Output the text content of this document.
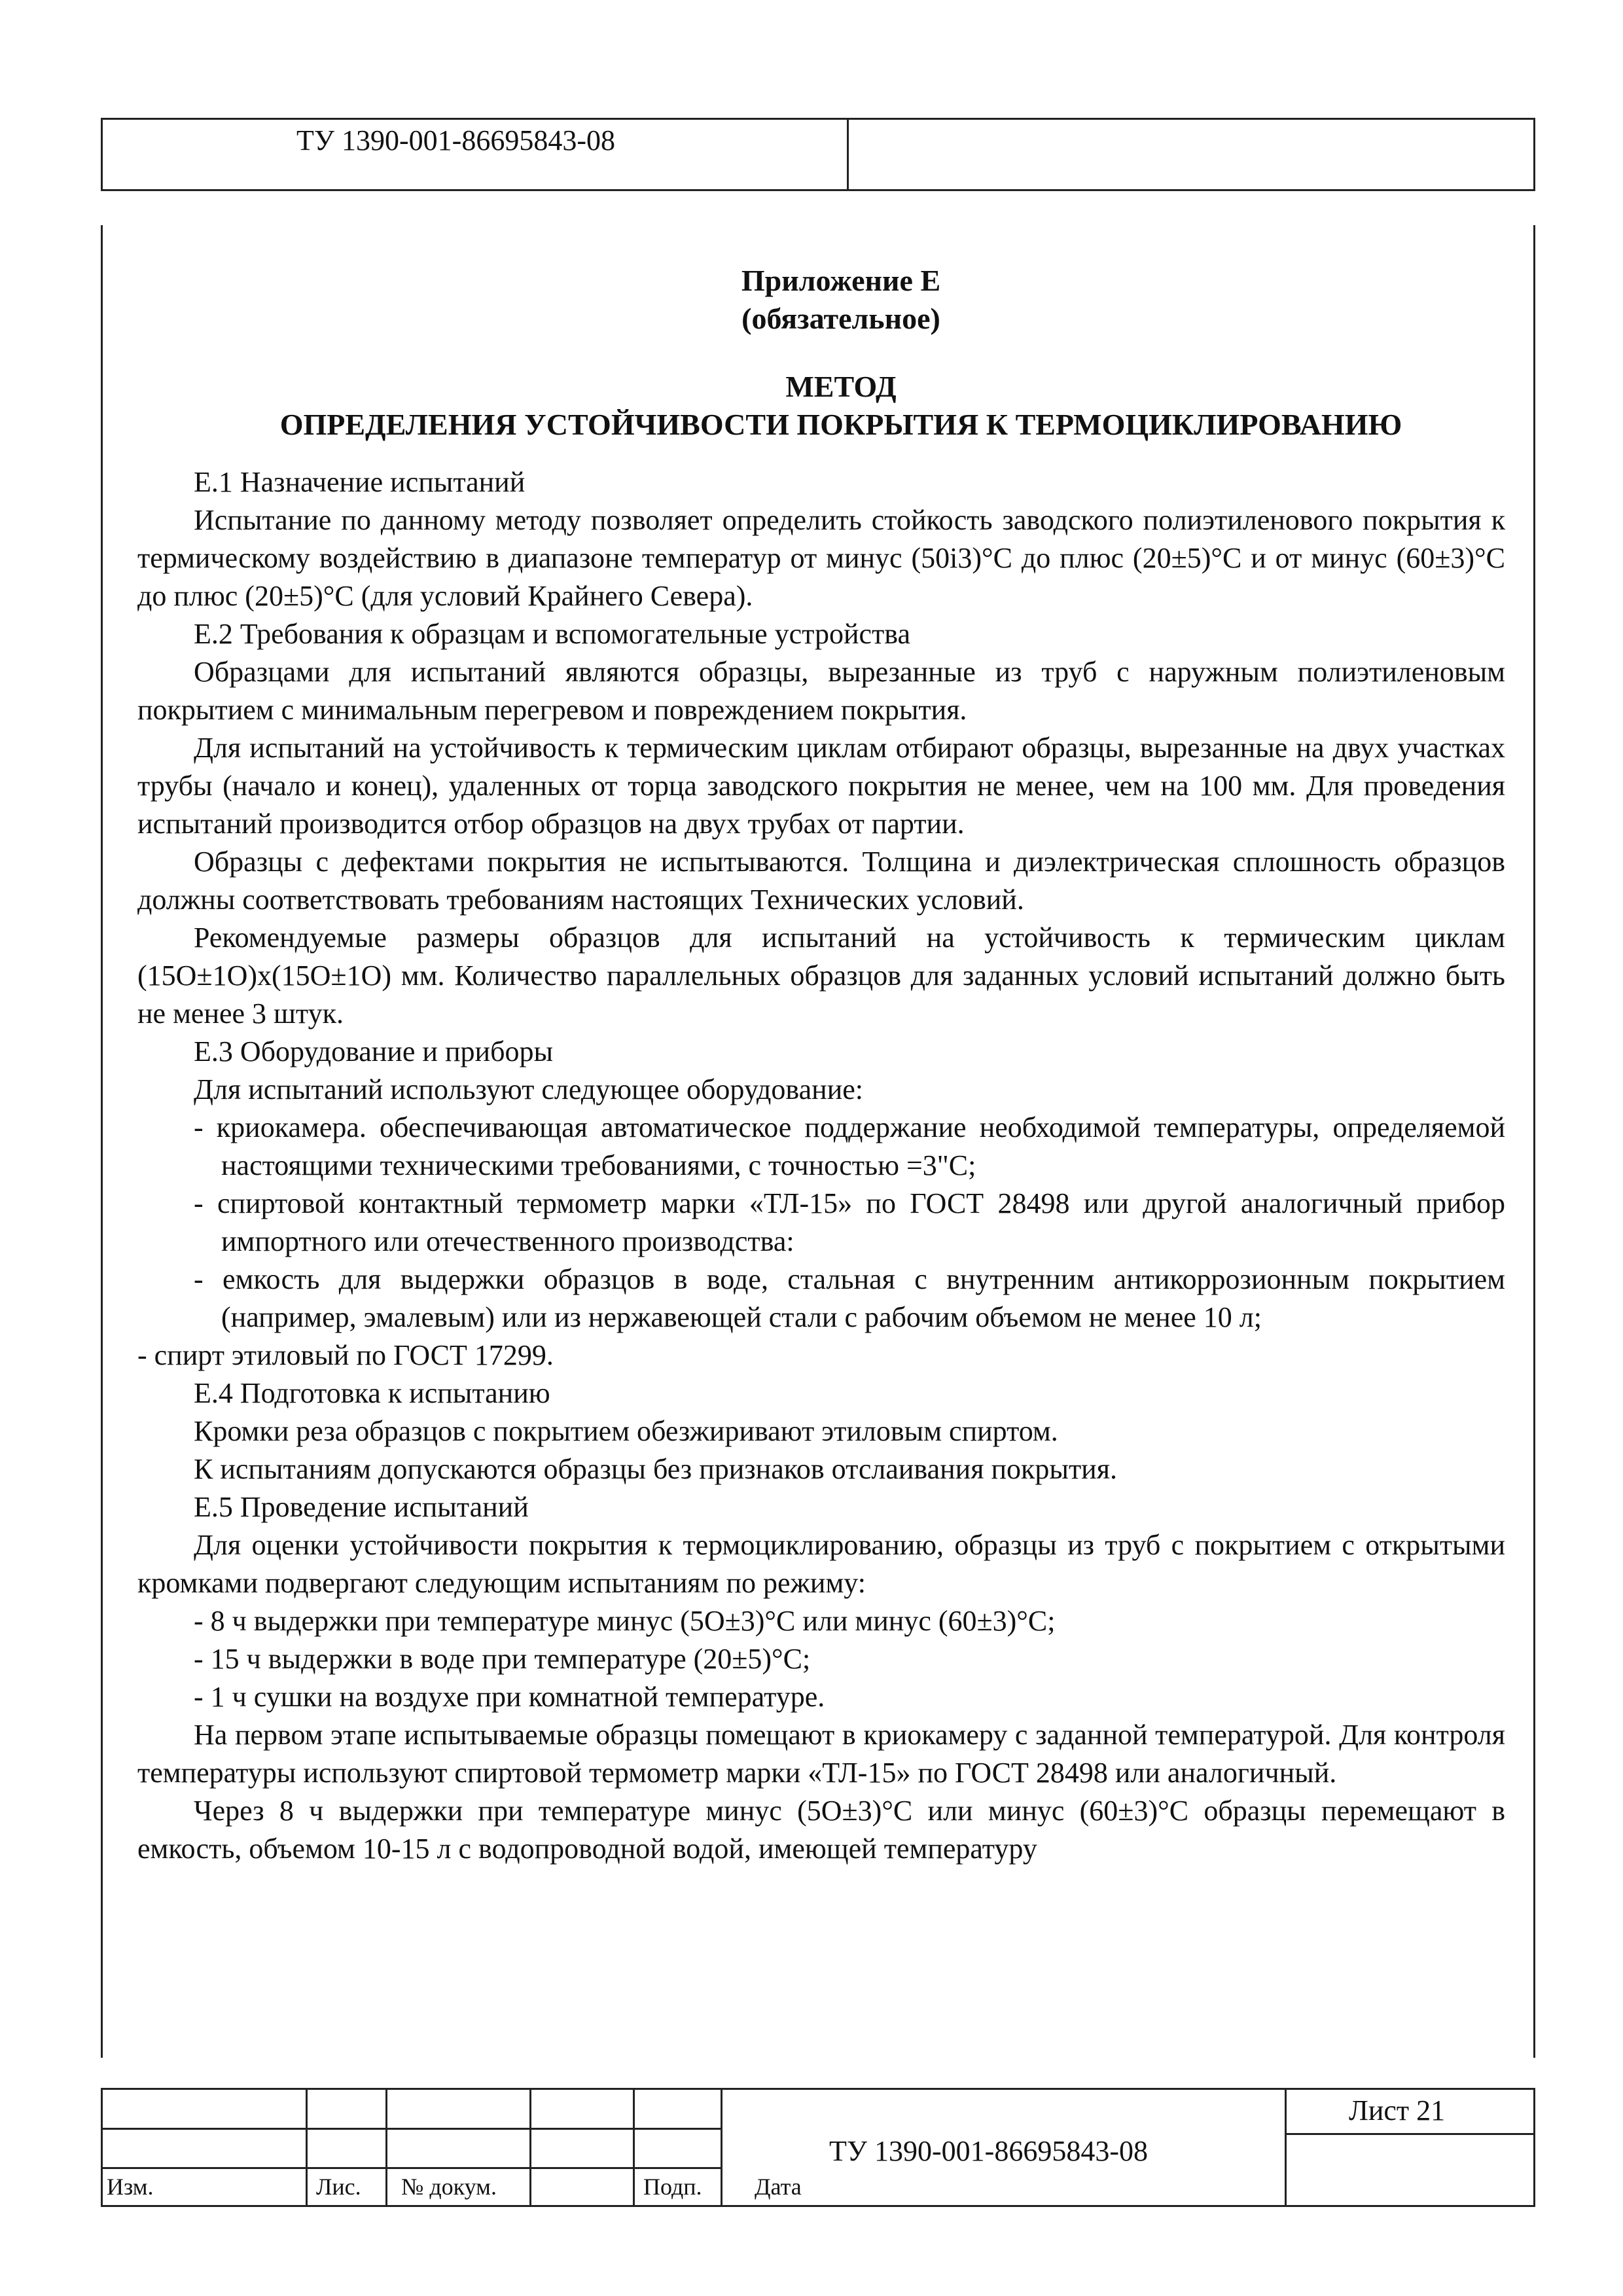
ТУ 1390-001-86695843-08
Приложение Е
(обязательное)
МЕТОД
ОПРЕДЕЛЕНИЯ УСТОЙЧИВОСТИ ПОКРЫТИЯ К ТЕРМОЦИКЛИРОВАНИЮ

Е.1 Назначение испытаний

Испытание по данному методу позволяет определить стойкость заводского полиэтиленового покрытия к термическому воздействию в диапазоне температур от минус (50i3)°С до плюс (20±5)°С и от минус (60±3)°С до плюс (20±5)°С (для условий Крайнего Севера).

Е.2 Требования к образцам и вспомогательные устройства

Образцами для испытаний являются образцы, вырезанные из труб с наружным полиэтиленовым покрытием с минимальным перегревом и повреждением покрытия.

Для испытаний на устойчивость к термическим циклам отбирают образцы, вырезанные на двух участках трубы (начало и конец), удаленных от торца заводского покрытия не менее, чем на 100 мм. Для проведения испытаний производится отбор образцов на двух трубах от партии.

Образцы с дефектами покрытия не испытываются. Толщина и диэлектрическая сплошность образцов должны соответствовать требованиям настоящих Технических условий.

Рекомендуемые размеры образцов для испытаний на устойчивость к термическим циклам (15О±1О)х(15О±1О) мм. Количество параллельных образцов для заданных условий испытаний должно быть не менее 3 штук.

Е.3 Оборудование и приборы

Для испытаний используют следующее оборудование:

- криокамера. обеспечивающая автоматическое поддержание необходимой температуры, определяемой настоящими техническими требованиями, с точностью =3"С;

- спиртовой контактный термометр марки «ТЛ-15» по ГОСТ 28498 или другой аналогичный прибор импортного или отечественного производства:

- емкость для выдержки образцов в воде, стальная с внутренним антикоррозионным покрытием (например, эмалевым) или из нержавеющей стали с рабочим объемом не менее 10 л;

- спирт этиловый по ГОСТ 17299.

Е.4 Подготовка к испытанию

Кромки реза образцов с покрытием обезжиривают этиловым спиртом.

К испытаниям допускаются образцы без признаков отслаивания покрытия.

Е.5 Проведение испытаний

Для оценки устойчивости покрытия к термоциклированию, образцы из труб с покрытием с открытыми кромками подвергают следующим испытаниям по режиму:

- 8 ч выдержки при температуре минус (5О±3)°С или минус (60±3)°С;

- 15 ч выдержки в воде при температуре (20±5)°С;

- 1 ч сушки на воздухе при комнатной температуре.

На первом этапе испытываемые образцы помещают в криокамеру с заданной температурой. Для контроля температуры используют спиртовой термометр марки «ТЛ-15» по ГОСТ 28498 или аналогичный.

Через 8 ч выдержки при температуре минус (5О±3)°С или минус (60±3)°С образцы перемещают в емкость, объемом 10-15 л с водопроводной водой, имеющей температуру

Изм.	Лис. № докум.	Подп. Дата
ТУ 1390-001-86695843-08
Лист 21
